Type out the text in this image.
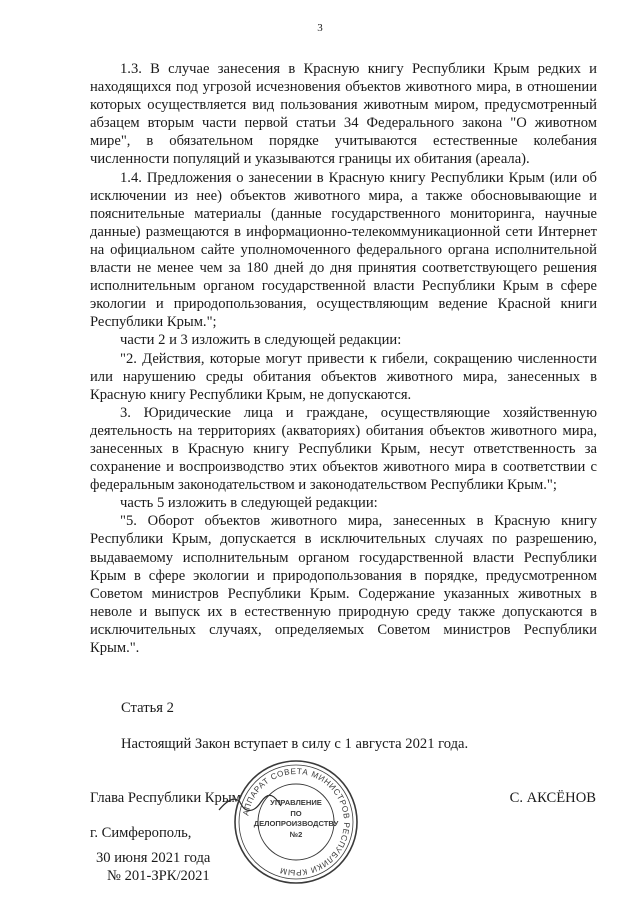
3

1.3. В случае занесения в Красную книгу Республики Крым редких и находящихся под угрозой исчезновения объектов животного мира, в отношении которых осуществляется вид пользования животным миром, предусмотренный абзацем вторым части первой статьи 34 Федерального закона "О животном мире", в обязательном порядке учитываются естественные колебания численности популяций и указываются границы их обитания (ареала).

1.4. Предложения о занесении в Красную книгу Республики Крым (или об исключении из нее) объектов животного мира, а также обосновывающие и пояснительные материалы (данные государственного мониторинга, научные данные) размещаются в информационно-телекоммуникационной сети Интернет на официальном сайте уполномоченного федерального органа исполнительной власти не менее чем за 180 дней до дня принятия соответствующего решения исполнительным органом государственной власти Республики Крым в сфере экологии и природопользования, осуществляющим ведение Красной книги Республики Крым.";

части 2 и 3 изложить в следующей редакции:

"2. Действия, которые могут привести к гибели, сокращению численности или нарушению среды обитания объектов животного мира, занесенных в Красную книгу Республики Крым, не допускаются.

3. Юридические лица и граждане, осуществляющие хозяйственную деятельность на территориях (акваториях) обитания объектов животного мира, занесенных в Красную книгу Республики Крым, несут ответственность за сохранение и воспроизводство этих объектов животного мира в соответствии с федеральным законодательством и законодательством Республики Крым.";

часть 5 изложить в следующей редакции:

"5. Оборот объектов животного мира, занесенных в Красную книгу Республики Крым, допускается в исключительных случаях по разрешению, выдаваемому исполнительным органом государственной власти Республики Крым в сфере экологии и природопользования в порядке, предусмотренном Советом министров Республики Крым. Содержание указанных животных в неволе и выпуск их в естественную природную среду также допускаются в исключительных случаях, определяемых Советом министров Республики Крым.".

Статья 2
Настоящий Закон вступает в силу с 1 августа 2021 года.
Глава Республики Крым	С. АКСЁНОВ
АППАРАТ СОВЕТА МИНИСТРОВ РЕСПУБЛИКИ КРЫМ
УПРАВЛЕНИЕ
ПО
ДЕЛОПРОИЗВОДСТВУ
№2
г. Симферополь,
30 июня 2021 года
№ 201-ЗРК/2021
